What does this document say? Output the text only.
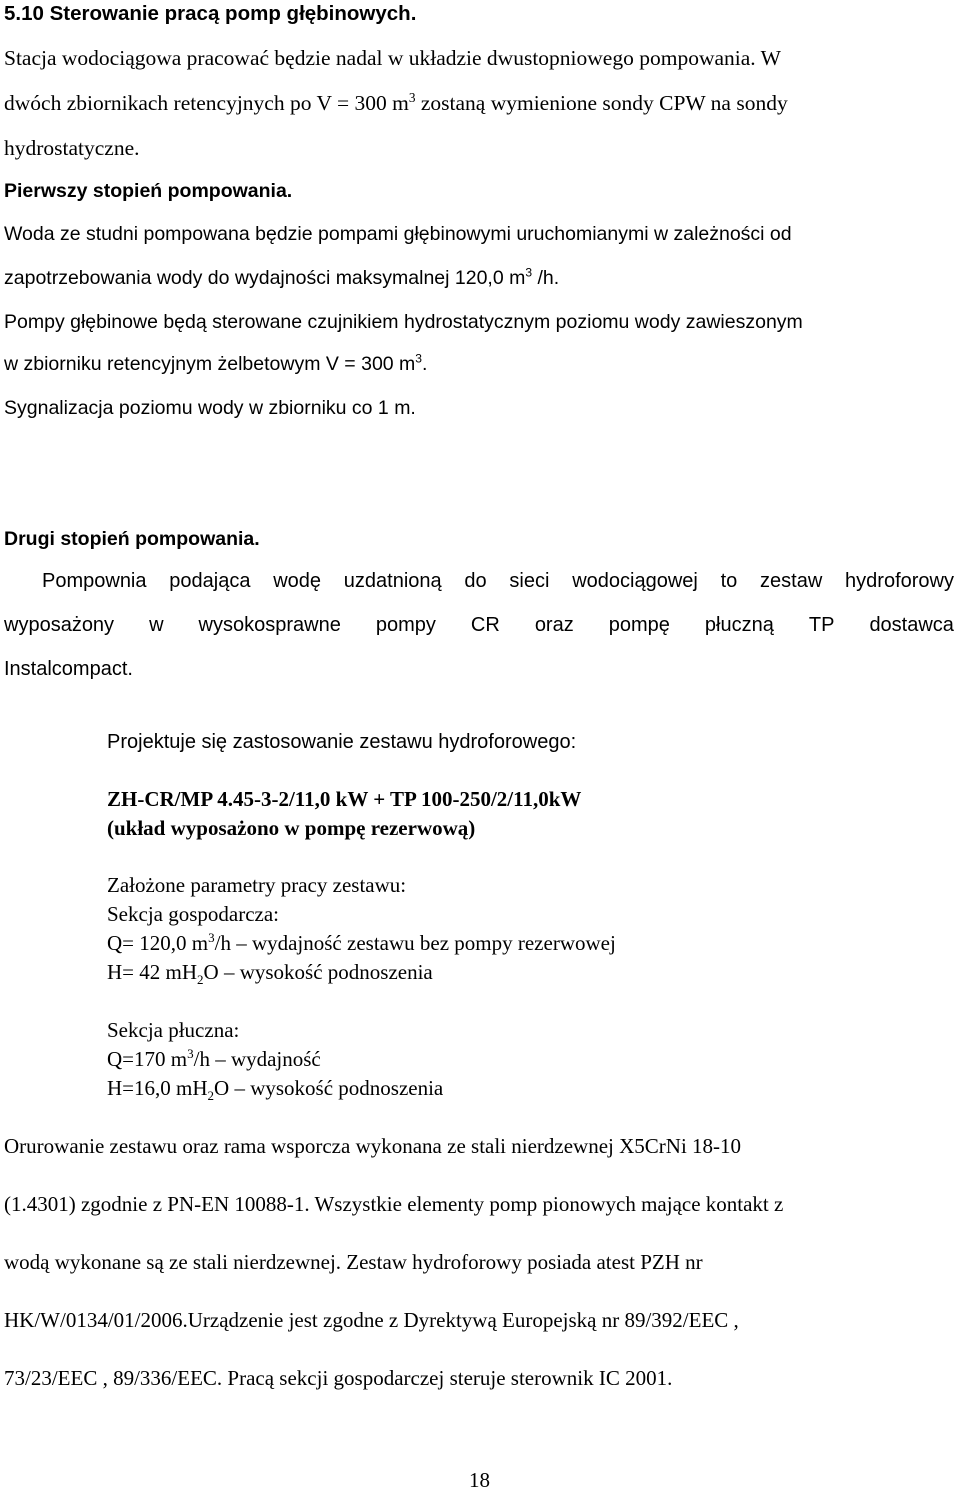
5.10 Sterowanie pracą pomp głębinowych.
Stacja wodociągowa pracować będzie nadal w układzie dwustopniowego pompowania. W
dwóch zbiornikach retencyjnych po V = 300 $m^3$ zostaną wymienione sondy CPW na sondy
hydrostatyczne.
Pierwszy stopień pompowania.
Woda ze studni pompowana będzie pompami głębinowymi uruchomianymi w zależności od
zapotrzebowania wody do wydajności maksymalnej 120,0 $m^3$ /h.
Pompy głębinowe będą sterowane czujnikiem hydrostatycznym poziomu wody zawieszonym
w zbiorniku retencyjnym żelbetowym V = 300 $m^3$.
Sygnalizacja poziomu wody w zbiorniku co 1 m.
Drugi stopień pompowania.
Pompownia podająca wodę uzdatnioną do sieci wodociągowej to zestaw hydroforowy
wyposażony w wysokosprawne pompy CR oraz pompę płuczną TP dostawca
Instalcompact.
Projektuje się zastosowanie zestawu hydroforowego:
ZH-CR/MP 4.45-3-2/11,0 kW + TP 100-250/2/11,0kW
(układ wyposażono w pompę rezerwową)
Założone parametry pracy zestawu:
Sekcja gospodarcza:
Q= 120,0 $m^3/h$ – wydajność zestawu bez pompy rezerwowej
H= 42 $mH_2O$ – wysokość podnoszenia
Sekcja płuczna:
Q=170 $m^3/h$ – wydajność
H=16,0 $mH_2O$ – wysokość podnoszenia
Orurowanie zestawu oraz rama wsporcza wykonana ze stali nierdzewnej X5CrNi 18-10
(1.4301) zgodnie z PN-EN 10088-1. Wszystkie elementy pomp pionowych mające kontakt z
wodą wykonane są ze stali nierdzewnej. Zestaw hydroforowy posiada atest PZH nr
HK/W/0134/01/2006.Urządzenie jest zgodne z Dyrektywą Europejską nr 89/392/EEC ,
73/23/EEC , 89/336/EEC. Pracą sekcji gospodarczej steruje sterownik IC 2001.
18
